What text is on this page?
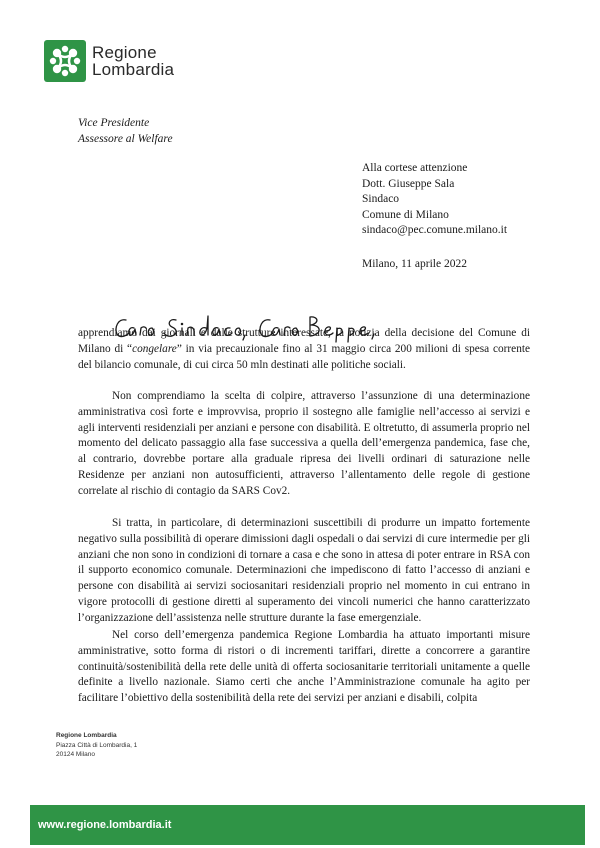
Regione
Lombardia
Vice Presidente
Assessore al Welfare
Alla cortese attenzione
Dott. Giuseppe Sala
Sindaco
Comune di Milano
sindaco@pec.comune.milano.it
Milano, 11 aprile 2022

apprendiamo dai giornali e dalle strutture interessate, la notizia della decisione del Comune di Milano di “congelare” in via precauzionale fino al 31 maggio circa 200 milioni di spesa corrente del bilancio comunale, di cui circa 50 mln destinati alle politiche sociali.

Non comprendiamo la scelta di colpire, attraverso l’assunzione di una determinazione amministrativa così forte e improvvisa, proprio il sostegno alle famiglie nell’accesso ai servizi e agli interventi residenziali per anziani e persone con disabilità. E oltretutto, di assumerla proprio nel momento del delicato passaggio alla fase successiva a quella dell’emergenza pandemica, fase che, al contrario, dovrebbe portare alla graduale ripresa dei livelli ordinari di saturazione nelle Residenze per anziani non autosufficienti, attraverso l’allentamento delle regole di gestione correlate al rischio di contagio da SARS Cov2.

Si tratta, in particolare, di determinazioni suscettibili di produrre un impatto fortemente negativo sulla possibilità di operare dimissioni dagli ospedali o dai servizi di cure intermedie per gli anziani che non sono in condizioni di tornare a casa e che sono in attesa di poter entrare in RSA con il supporto economico comunale. Determinazioni che impediscono di fatto l’accesso di anziani e persone con disabilità ai servizi sociosanitari residenziali proprio nel momento in cui entrano in vigore protocolli di gestione diretti al superamento dei vincoli numerici che hanno caratterizzato l’organizzazione dell’assistenza nelle strutture durante la fase emergenziale.

Nel corso dell’emergenza pandemica Regione Lombardia ha attuato importanti misure amministrative, sotto forma di ristori o di incrementi tariffari, dirette a concorrere a garantire continuità/sostenibilità della rete delle unità di offerta sociosanitarie territoriali unitamente a quelle definite a livello nazionale. Siamo certi che anche l’Amministrazione comunale ha agito per facilitare l’obiettivo della sostenibilità della rete dei servizi per anziani e disabili, colpita

Regione Lombardia
Piazza Città di Lombardia, 1
20124 Milano
www.regione.lombardia.it
